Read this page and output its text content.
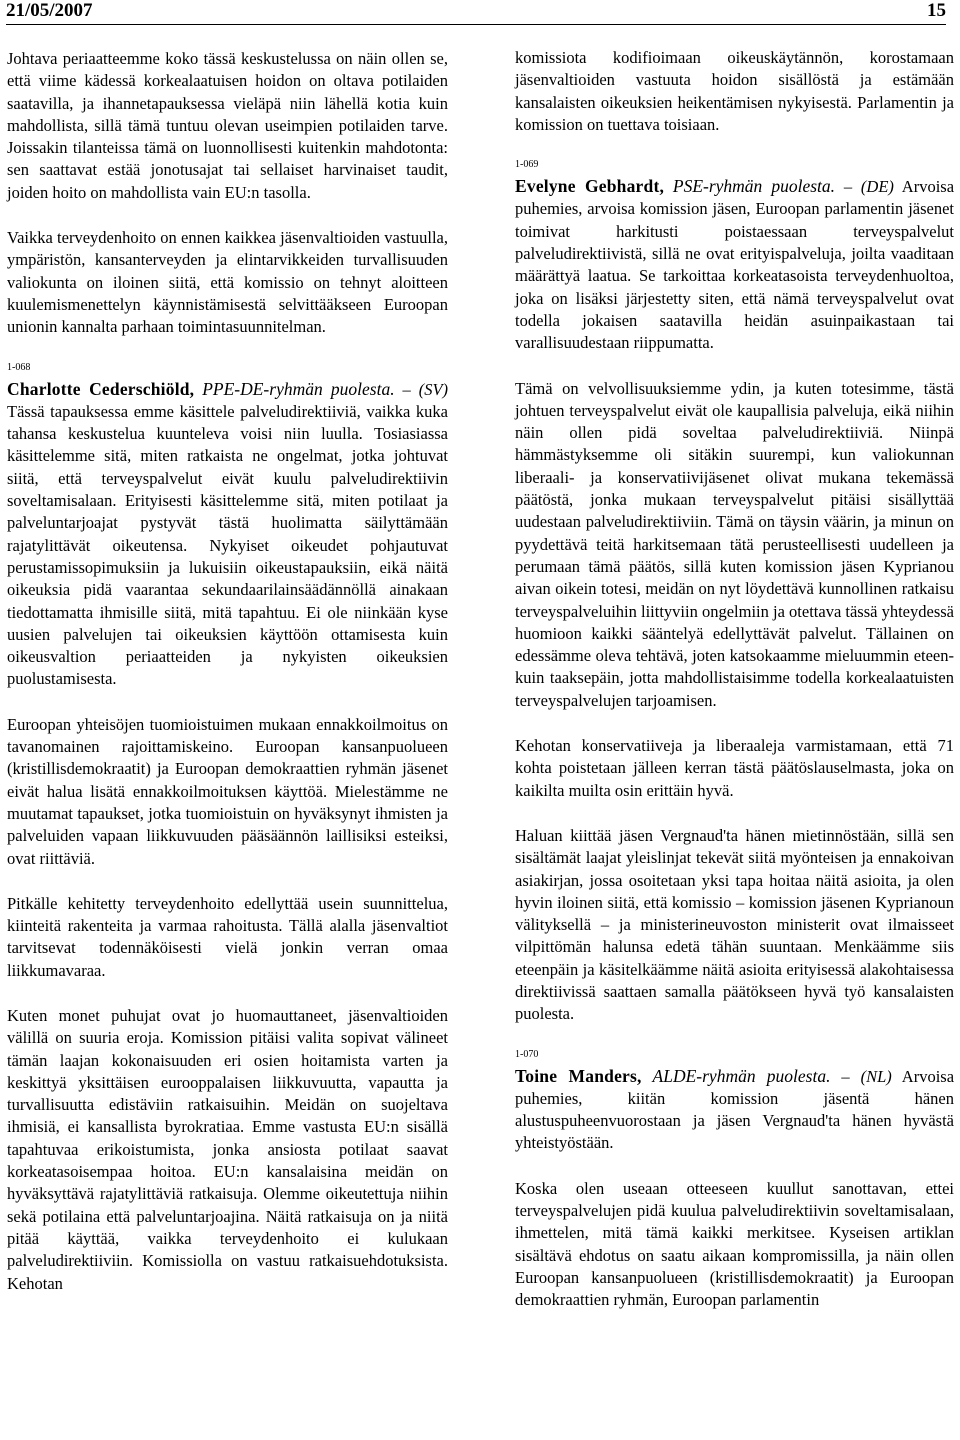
21/05/2007	15

Johtava periaatteemme koko tässä keskustelussa on näin ollen se, että viime kädessä korkealaatuisen hoidon on oltava potilaiden saatavilla, ja ihannetapauksessa vieläpä niin lähellä kotia kuin mahdollista, sillä tämä tuntuu olevan useimpien potilaiden tarve. Joissakin tilanteissa tämä on luonnollisesti kuitenkin mahdotonta: sen saattavat estää jonotusajat tai sellaiset harvinaiset taudit, joiden hoito on mahdollista vain EU:n tasolla.

Vaikka terveydenhoito on ennen kaikkea jäsenvaltioiden vastuulla, ympäristön, kansanterveyden ja elintarvikkeiden turvallisuuden valiokunta on iloinen siitä, että komissio on tehnyt aloitteen kuulemismenettelyn käynnistämisestä selvittääkseen Euroopan unionin kannalta parhaan toimintasuunnitelman.

1-068

Charlotte Cederschiöld, PPE-DE-ryhmän puolesta. – (SV) Tässä tapauksessa emme käsittele palveludirektiiviä, vaikka kuka tahansa keskustelua kuunteleva voisi niin luulla. Tosiasiassa käsittelemme sitä, miten ratkaista ne ongelmat, jotka johtuvat siitä, että terveyspalvelut eivät kuulu palveludirektiivin soveltamisalaan. Erityisesti käsittelemme sitä, miten potilaat ja palveluntarjoajat pystyvät tästä huolimatta säilyttämään rajatylittävät oikeutensa. Nykyiset oikeudet pohjautuvat perustamissopimuksiin ja lukuisiin oikeustapauksiin, eikä näitä oikeuksia pidä vaarantaa sekundaarilainsäädännöllä ainakaan tiedottamatta ihmisille siitä, mitä tapahtuu. Ei ole niinkään kyse uusien palvelujen tai oikeuksien käyttöön ottamisesta kuin oikeusvaltion periaatteiden ja nykyisten oikeuksien puolustamisesta.

Euroopan yhteisöjen tuomioistuimen mukaan ennakkoilmoitus on tavanomainen rajoittamiskeino. Euroopan kansanpuolueen (kristillisdemokraatit) ja Euroopan demokraattien ryhmän jäsenet eivät halua lisätä ennakkoilmoituksen käyttöä. Mielestämme ne muutamat tapaukset, jotka tuomioistuin on hyväksynyt ihmisten ja palveluiden vapaan liikkuvuuden pääsäännön laillisiksi esteiksi, ovat riittäviä.

Pitkälle kehitetty terveydenhoito edellyttää usein suunnittelua, kiinteitä rakenteita ja varmaa rahoitusta. Tällä alalla jäsenvaltiot tarvitsevat todennäköisesti vielä jonkin verran omaa liikkumavaraa.

Kuten monet puhujat ovat jo huomauttaneet, jäsenvaltioiden välillä on suuria eroja. Komission pitäisi valita sopivat välineet tämän laajan kokonaisuuden eri osien hoitamista varten ja keskittyä yksittäisen eurooppalaisen liikkuvuutta, vapautta ja turvallisuutta edistäviin ratkaisuihin. Meidän on suojeltava ihmisiä, ei kansallista byrokratiaa. Emme vastusta EU:n sisällä tapahtuvaa erikoistumista, jonka ansiosta potilaat saavat korkeatasoisempaa hoitoa. EU:n kansalaisina meidän on hyväksyttävä rajatylittäviä ratkaisuja. Olemme oikeutettuja niihin sekä potilaina että palveluntarjoajina. Näitä ratkaisuja on ja niitä pitää käyttää, vaikka terveydenhoito ei kulukaan palveludirektiiviin. Komissiolla on vastuu ratkaisuehdotuksista. Kehotan

komissiota kodifioimaan oikeuskäytännön, korostamaan jäsenvaltioiden vastuuta hoidon sisällöstä ja estämään kansalaisten oikeuksien heikentämisen nykyisestä. Parlamentin ja komission on tuettava toisiaan.

1-069

Evelyne Gebhardt, PSE-ryhmän puolesta. – (DE) Arvoisa puhemies, arvoisa komission jäsen, Euroopan parlamentin jäsenet toimivat harkitusti poistaessaan terveyspalvelut palveludirektiivistä, sillä ne ovat erityispalveluja, joilta vaaditaan määrättyä laatua. Se tarkoittaa korkeatasoista terveydenhuoltoa, joka on lisäksi järjestetty siten, että nämä terveyspalvelut ovat todella jokaisen saatavilla heidän asuinpaikastaan tai varallisuudestaan riippumatta.

Tämä on velvollisuuksiemme ydin, ja kuten totesimme, tästä johtuen terveyspalvelut eivät ole kaupallisia palveluja, eikä niihin näin ollen pidä soveltaa palveludirektiiviä. Niinpä hämmästyksemme oli sitäkin suurempi, kun valiokunnan liberaali- ja konservatiivijäsenet olivat mukana tekemässä päätöstä, jonka mukaan terveyspalvelut pitäisi sisällyttää uudestaan palveludirektiiviin. Tämä on täysin väärin, ja minun on pyydettävä teitä harkitsemaan tätä perusteellisesti uudelleen ja perumaan tämä päätös, sillä kuten komission jäsen Kyprianou aivan oikein totesi, meidän on nyt löydettävä kunnollinen ratkaisu terveyspalveluihin liittyviin ongelmiin ja otettava tässä yhteydessä huomioon kaikki sääntelyä edellyttävät palvelut. Tällainen on edessämme oleva tehtävä, joten katsokaamme mieluummin eteen- kuin taaksepäin, jotta mahdollistaisimme todella korkealaatuisten terveyspalvelujen tarjoamisen.

Kehotan konservatiiveja ja liberaaleja varmistamaan, että 71 kohta poistetaan jälleen kerran tästä päätöslauselmasta, joka on kaikilta muilta osin erittäin hyvä.

Haluan kiittää jäsen Vergnaud'ta hänen mietinnöstään, sillä sen sisältämät laajat yleislinjat tekevät siitä myönteisen ja ennakoivan asiakirjan, jossa osoitetaan yksi tapa hoitaa näitä asioita, ja olen hyvin iloinen siitä, että komissio – komission jäsenen Kyprianoun välityksellä – ja ministerineuvoston ministerit ovat ilmaisseet vilpittömän halunsa edetä tähän suuntaan. Menkäämme siis eteenpäin ja käsitelkäämme näitä asioita erityisessä alakohtaisessa direktiivissä saattaen samalla päätökseen hyvä työ kansalaisten puolesta.

1-070

Toine Manders, ALDE-ryhmän puolesta. – (NL) Arvoisa puhemies, kiitän komission jäsentä hänen alustuspuheenvuorostaan ja jäsen Vergnaud'ta hänen hyvästä yhteistyöstään.

Koska olen useaan otteeseen kuullut sanottavan, ettei terveyspalvelujen pidä kuulua palveludirektiivin soveltamisalaan, ihmettelen, mitä tämä kaikki merkitsee. Kyseisen artiklan sisältävä ehdotus on saatu aikaan kompromissilla, ja näin ollen Euroopan kansanpuolueen (kristillisdemokraatit) ja Euroopan demokraattien ryhmän, Euroopan parlamentin
